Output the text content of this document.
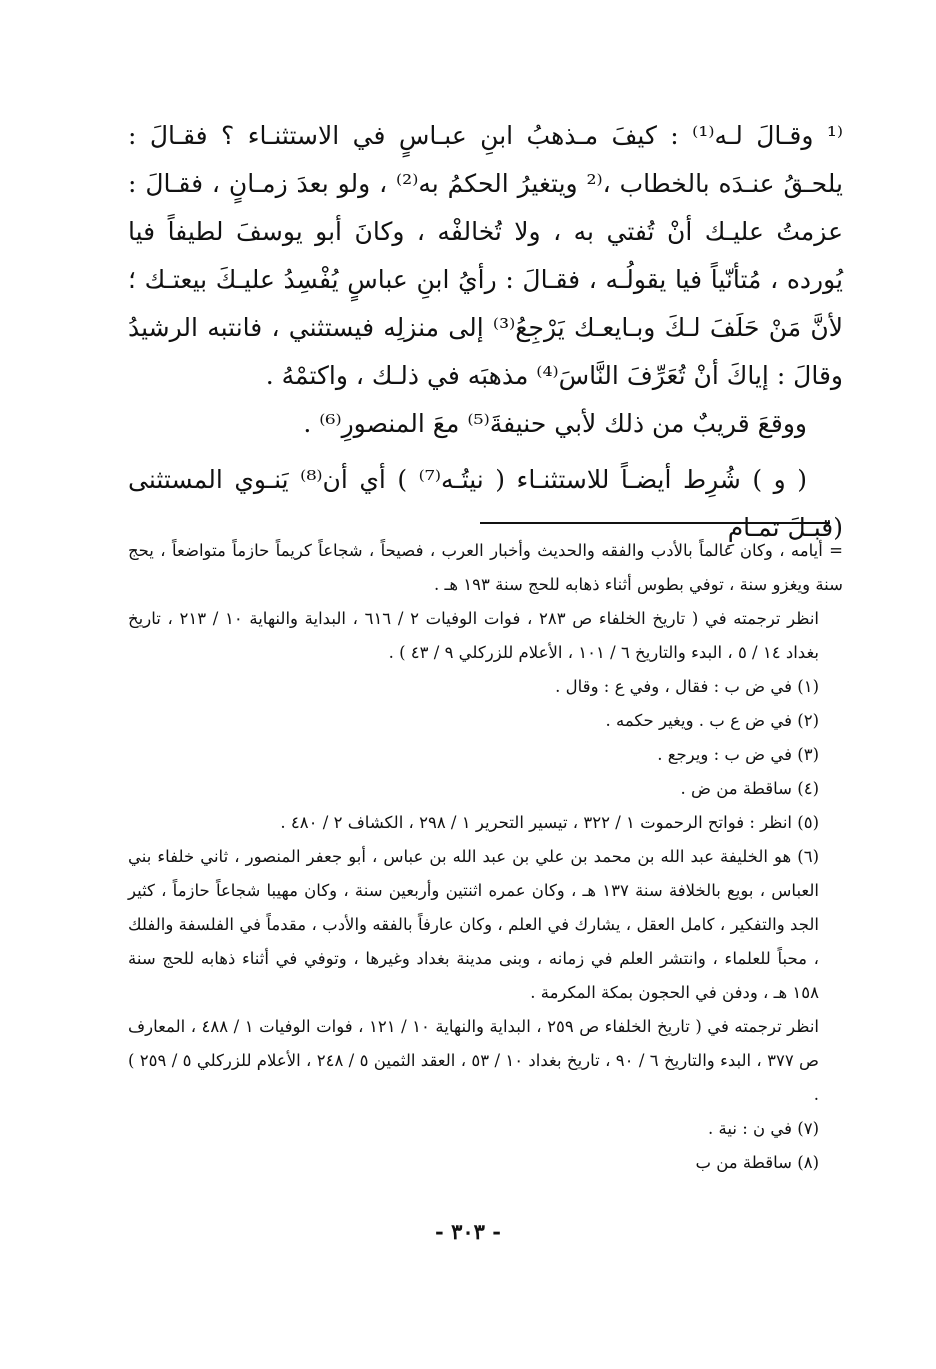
⁽¹ وقـالَ لـه⁽¹⁾ : كيفَ مـذهبُ ابنِ عبـاسٍ في الاستثنـاء ؟ فقـالَ : يلحـقُ عنـدَه بالخطاب ،⁽² ويتغيرُ الحكمُ به⁽²⁾ ، ولو بعدَ زمـانٍ ، فقـالَ : عزمتُ عليـك أنْ تُفتي به ، ولا تُخالفْه ، وكانَ أبو يوسفَ لطيفاً فيا يُورده ، مُتأنّياً فيا يقولُـه ، فقـالَ : رأيُ ابنِ عباسٍ يُفْسِدُ عليـكَ بيعتـك ؛ لأنَّ مَنْ حَلَفَ لـكَ وبـايعـك يَرْجِعُ⁽³⁾ إلى منزلِه فيستثني ، فانتبه الرشيدُ وقالَ : إياكَ أنْ تُعَرِّفَ النَّاسَ⁽⁴⁾ مذهبَه في ذلـك ، واكتمْهُ .

ووقعَ قريبٌ من ذلك لأبي حنيفةَ⁽⁵⁾ معَ المنصورِ⁽⁶⁾ .

( و ) شُرِط أيضـاً للاستثنـاء ( نيتُـه⁽⁷⁾ ) أي أن⁽⁸⁾ يَنـوي المستثنى (قبـلَ تمـامِ

= أيامه ، وكان عالماً بالأدب والفقه والحديث وأخبار العرب ، فصيحاً ، شجاعاً كريماً حازماً متواضعاً ، يحج سنة ويغزو سنة ، توفي بطوس أثناء ذهابه للحج سنة ١٩٣ هـ .

انظر ترجمته في ( تاريخ الخلفاء ص ٢٨٣ ، فوات الوفيات ٢ / ٦١٦ ، البداية والنهاية ١٠ / ٢١٣ ، تاريخ بغداد ١٤ / ٥ ، البدء والتاريخ ٦ / ١٠١ ، الأعلام للزركلي ٩ / ٤٣ ) .

(١) في ض ب : فقال ، وفي ع : وقال .

(٢) في ض ع ب . ويغير حكمه .

(٣) في ض ب : ويرجع .

(٤) ساقطة من ض .

(٥) انظر : فواتح الرحموت ١ / ٣٢٢ ، تيسير التحرير ١ / ٢٩٨ ، الكشاف ٢ / ٤٨٠ .

(٦) هو الخليفة عبد الله بن محمد بن علي بن عبد الله بن عباس ، أبو جعفر المنصور ، ثاني خلفاء بني العباس ، بويع بالخلافة سنة ١٣٧ هـ ، وكان عمره اثنتين وأربعين سنة ، وكان مهيبا شجاعاً حازماً ، كثير الجد والتفكير ، كامل العقل ، يشارك في العلم ، وكان عارفاً بالفقه والأدب ، مقدماً في الفلسفة والفلك ، محباً للعلماء ، وانتشر العلم في زمانه ، وبنى مدينة بغداد وغيرها ، وتوفي في أثناء ذهابه للحج سنة ١٥٨ هـ ، ودفن في الحجون بمكة المكرمة .

انظر ترجمته في ( تاريخ الخلفاء ص ٢٥٩ ، البداية والنهاية ١٠ / ١٢١ ، فوات الوفيات ١ / ٤٨٨ ، المعارف ص ٣٧٧ ، البدء والتاريخ ٦ / ٩٠ ، تاريخ بغداد ١٠ / ٥٣ ، العقد الثمين ٥ / ٢٤٨ ، الأعلام للزركلي ٥ / ٢٥٩ ) .

(٧) في ن : نية .

(٨) ساقطة من ب

- ٣٠٣ -
